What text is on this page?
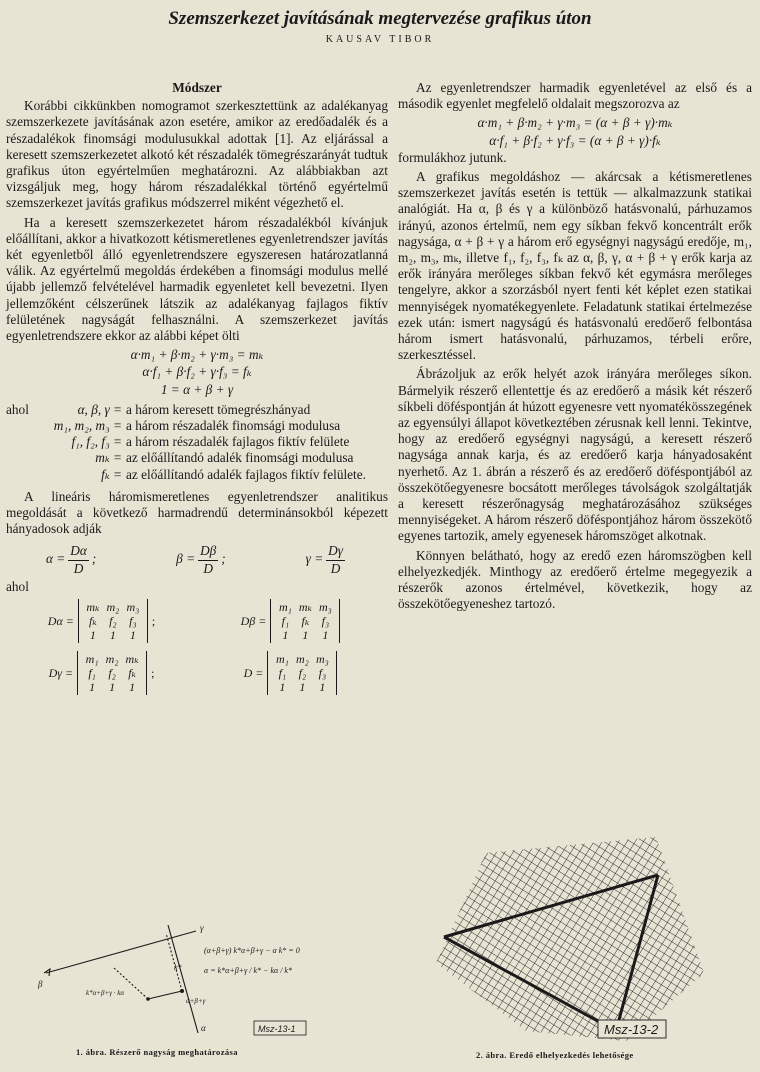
Szemszerkezet javításának megtervezése grafikus úton
KAUSAV TIBOR
Módszer

Korábbi cikkünkben nomogramot szerkesztettünk az adalékanyag szemszerkezete javításának azon esetére, amikor az eredőadalék és a részadalékok finomsági modulusukkal adottak [1]. Az eljárással a keresett szemszerkezetet alkotó két részadalék tömegrészarányát tudtuk grafikus úton egyértelműen meghatározni. Az alábbiakban azt vizsgáljuk meg, hogy három részadalékkal történő egyértelmű szemszerkezet javítás grafikus módszerrel miként végezhető el.

Ha a keresett szemszerkezetet három részadalékból kívánjuk előállítani, akkor a hivatkozott kétismeretlenes egyenletrendszer javítás két egyenletből álló egyenletrendszere egyszeresen határozatlanná válik. Az egyértelmű megoldás érdekében a finomsági modulus mellé újabb jellemző felvételével harmadik egyenletet kell bevezetni. Ilyen jellemzőként célszerűnek látszik az adalékanyag fajlagos fiktív felületének nagyságát felhasználni. A szemszerkezet javítás egyenletrendszere ekkor az alábbi képet ölti

α·m₁ + β·m₂ + γ·m₃ = mₖ
α·f₁ + β·f₂ + γ·f₃ = fₖ
1 = α + β + γ
ahol	α, β, γ = a három keresett tömegrészhányad
m₁, m₂, m₃ = a három részadalék finomsági modulusa
f₁, f₂, f₃ = a három részadalék fajlagos fiktív felülete
mₖ = az előállítandó adalék finomsági modulusa
fₖ = az előállítandó adalék fajlagos fiktív felülete.

A lineáris háromismeretlenes egyenletrendszer analitikus megoldását a következő harmadrendű determinánsokból képezett hányadosok adják

$\alpha = \frac{D\alpha}{D}$ ;	$\beta = \frac{D\beta}{D}$ ;	$\gamma = \frac{D\gamma}{D}$
ahol
Dα =
mₖ m₂ m₃
fₖ	f₂	f₃
1	1	1
;	Dβ =
m₁ mₖ m₃
f₁	fₖ	f₃
1	1	1
Dγ =
m₁ m₂ mₖ
f₁	f₂	fₖ
1	1	1
;	D =
m₁ m₂ m₃
f₁	f₂	f₃
1	1	1

Az egyenletrendszer harmadik egyenletével az első és a második egyenlet megfelelő oldalait megszorozva az

α·m₁ + β·m₂ + γ·m₃ = (α + β + γ)·mₖ
α·f₁ + β·f₂ + γ·f₃ = (α + β + γ)·fₖ

formulákhoz jutunk.

A grafikus megoldáshoz — akárcsak a kétismeretlenes szemszerkezet javítás esetén is tettük — alkalmazzunk statikai analógiát. Ha α, β és γ a különböző hatásvonalú, párhuzamos irányú, azonos értelmű, nem egy síkban fekvő koncentrált erők nagysága, α + β + γ a három erő egységnyi nagyságú eredője, m₁, m₂, m₃, mₖ, illetve f₁, f₂, f₃, fₖ az α, β, γ, α + β + γ erők karja az erők irányára merőleges síkban fekvő két egymásra merőleges tengelyre, akkor a szorzásból nyert fenti két képlet ezen statikai mennyiségek nyomatékegyenlete. Feladatunk statikai értelmezése ezek után: ismert nagyságú és hatásvonalú eredőerő felbontása három ismert hatásvonalú, párhuzamos, térbeli erőre, szerkesztéssel.

Ábrázoljuk az erők helyét azok irányára merőleges síkon. Bármelyik részerő ellentettje és az eredőerő a másik két részerő síkbeli döféspontján át húzott egyenesre vett nyomatékösszegének az egyensúlyi állapot következtében zérusnak kell lenni. Tekintve, hogy az eredőerő egységnyi nagyságú, a keresett részerő nagysága annak karja, és az eredőerő karja hányadosaként nyerhető. Az 1. ábrán a részerő és az eredőerő döféspontjából az összekötőegyenesre bocsátott merőleges távolságok szolgáltatják a keresett részerőnagyság meghatározásához szükséges mennyiségeket. A három részerő döféspontjához három összekötő egyenes tartozik, amely egyenesek háromszöget alkotnak.

Könnyen belátható, hogy az eredő ezen háromszögben kell elhelyezkedjék. Minthogy az eredőerő értelme megegyezik a részerők azonos értelmével, következik, hogy az összekötőegyeneshez tartozó.

γ
β
α
k*
k*α+β+γ · kα
α+β+γ
(α+β+γ) k*α+β+γ − α k* = 0
α = k*α+β+γ / k* − kα / k*
Msz-13-1
1. ábra. Részerő nagyság meghatározása
Msz-13-2
2. ábra. Eredő elhelyezkedés lehetősége
